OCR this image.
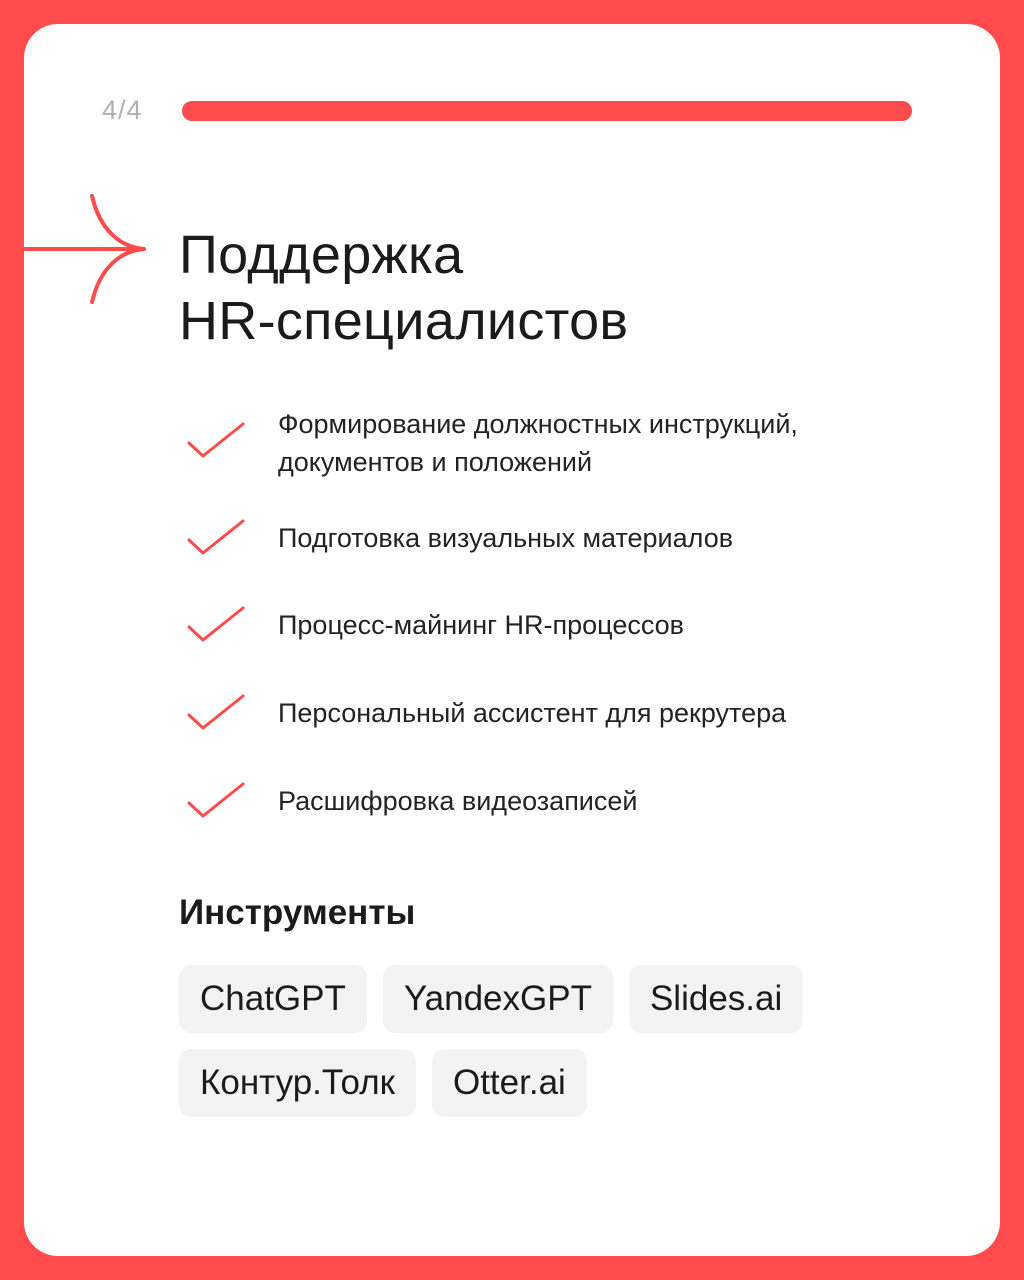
4/4
Поддержка
HR-специалистов
Формирование должностных инструкций,
документов и положений
Подготовка визуальных материалов
Процесс-майнинг HR-процессов
Персональный ассистент для рекрутера
Расшифровка видеозаписей
Инструменты
ChatGPT	YandexGPT	Slides.ai
Контур.Толк	Otter.ai
